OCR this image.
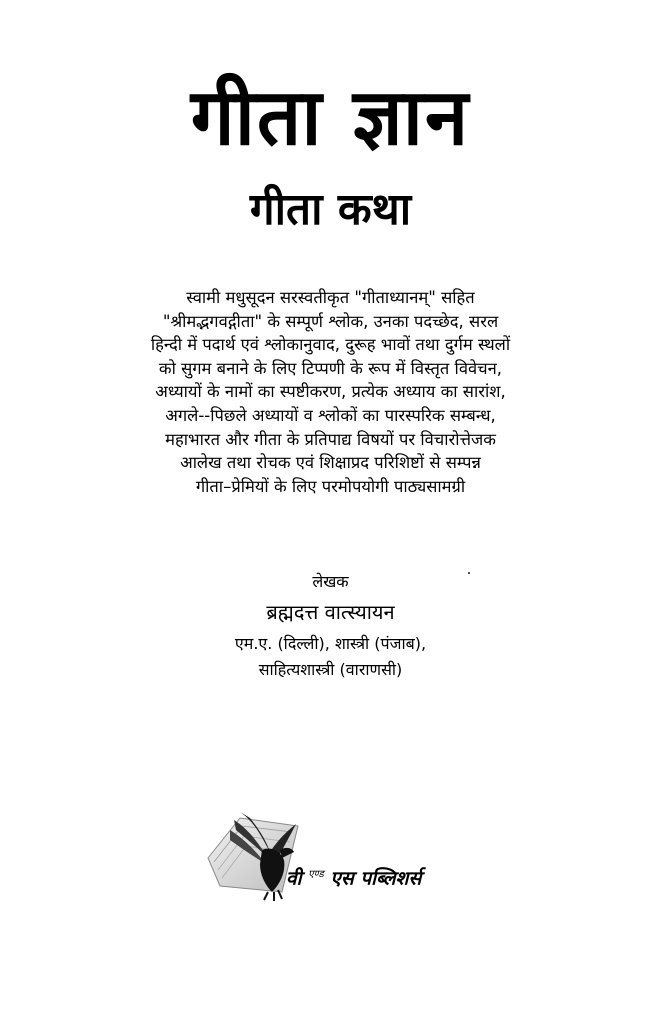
गीता ज्ञान
गीता कथा
स्वामी मधुसूदन सरस्वतीकृत "गीताध्यानम्" सहित
"श्रीमद्भगवद्गीता" के सम्पूर्ण श्लोक, उनका पदच्छेद, सरल
हिन्दी में पदार्थ एवं श्लोकानुवाद, दुरूह भावों तथा दुर्गम स्थलों
को सुगम बनाने के लिए टिप्पणी के रूप में विस्तृत विवेचन,
अध्यायों के नामों का स्पष्टीकरण, प्रत्येक अध्याय का सारांश,
अगले--पिछले अध्यायों व श्लोकों का पारस्परिक सम्बन्ध,
महाभारत और गीता के प्रतिपाद्य विषयों पर विचारोत्तेजक
आलेख तथा रोचक एवं शिक्षाप्रद परिशिष्टों से सम्पन्न
गीता–प्रेमियों के लिए परमोपयोगी पाठ्यसामग्री
लेखक
ब्रह्मदत्त वात्स्यायन
एम.ए. (दिल्ली), शास्त्री (पंजाब),
साहित्यशास्त्री (वाराणसी)
वी $^{एण्ड}$ एस पब्लिशर्स
